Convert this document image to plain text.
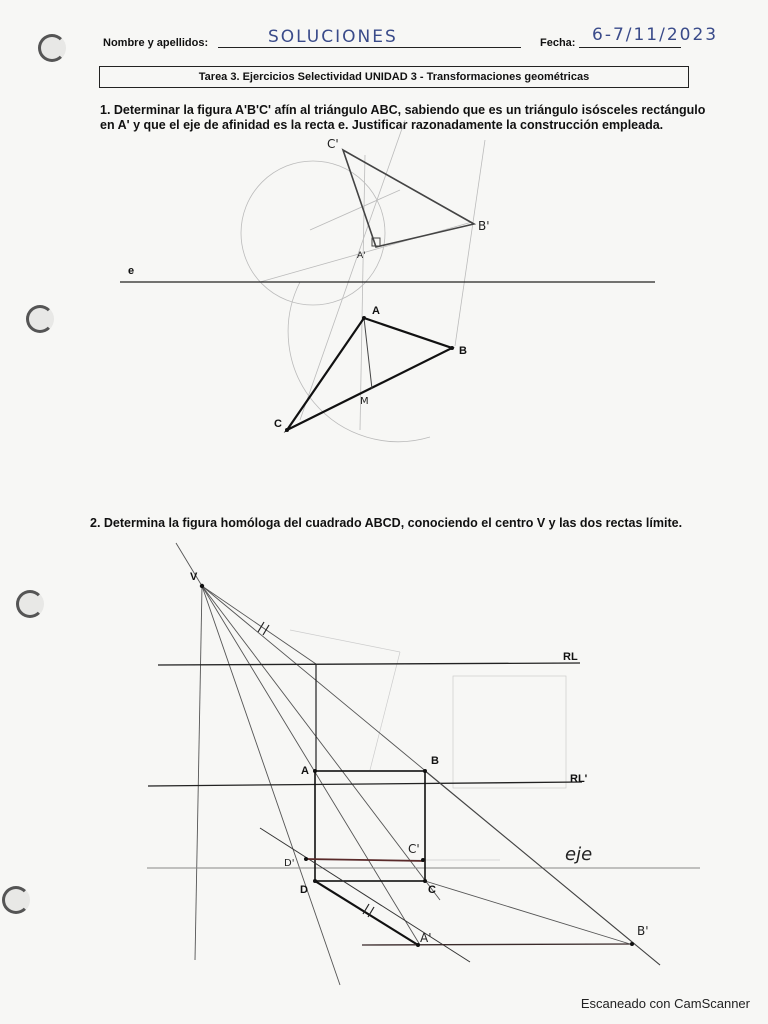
Nombre y apellidos:	SOLUCIONES	Fecha: 6-7/11/2023
Tarea 3. Ejercicios Selectividad UNIDAD 3 - Transformaciones geométricas
1. Determinar la figura A'B'C' afín al triángulo ABC, sabiendo que es un triángulo isósceles rectángulo
en A' y que el eje de afinidad es la recta e. Justificar razonadamente la construcción empleada.
2. Determina la figura homóloga del cuadrado ABCD, conociendo el centro V y las dos rectas límite.
A
B
C
e
C'
B'
A'
M
V
RL
RL'
A
B
C
D
D'
C'
A'	B'
eje
Escaneado con CamScanner
